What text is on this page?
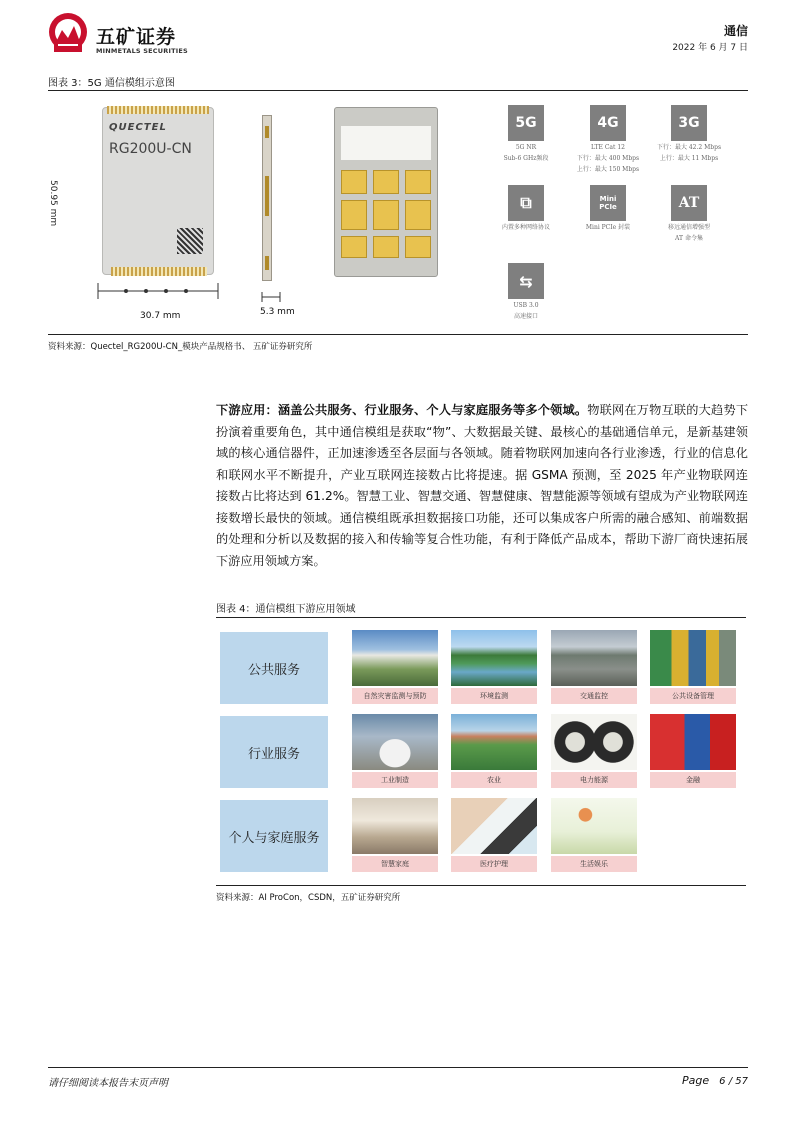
五矿证券
MINMETALS SECURITIES
通信
2022 年 6 月 7 日
图表 3：5G 通信模组示意图
QUECTEL
RG200U-CN
50.95 mm
30.7 mm	5.3 mm
5G
5G NR
Sub-6 GHz频段
4G
LTE Cat 12
下行：最大 400 Mbps
上行：最大 150 Mbps
3G
下行：最大 42.2 Mbps
上行：最大 11 Mbps
⧉
内置多种网络协议
Mini
PCIe
Mini PCIe 封装
AT
移远通信增强型
AT 命令集
⇆
USB 3.0
高速接口
资料来源：Quectel_RG200U-CN_模块产品规格书、 五矿证券研究所
下游应用：涵盖公共服务、行业服务、个人与家庭服务等多个领域。物联网在万物互联的大趋势下扮演着重要角色，其中通信模组是获取“物”、大数据最关键、最核心的基础通信单元，是新基建领域的核心通信器件，正加速渗透至各层面与各领域。随着物联网加速向各行业渗透，行业的信息化和联网水平不断提升，产业互联网连接数占比将提速。据 GSMA 预测，至 2025 年产业物联网连接数占比将达到 61.2%。智慧工业、智慧交通、智慧健康、智慧能源等领域有望成为产业物联网连接数增长最快的领域。通信模组既承担数据接口功能，还可以集成客户所需的融合感知、前端数据的处理和分析以及数据的接入和传输等复合性功能，有利于降低产品成本，帮助下游厂商快速拓展下游应用领域方案。
图表 4：通信模组下游应用领域
公共服务
自然灾害监测与预防	环境监测	交通监控	公共设备管理
行业服务
工业制造	农业	电力能源	金融
个人与家庭服务
智慧家庭	医疗护理	生活娱乐
资料来源：AI ProCon，CSDN，五矿证券研究所
请仔细阅读本报告末页声明	Page 6 / 57
